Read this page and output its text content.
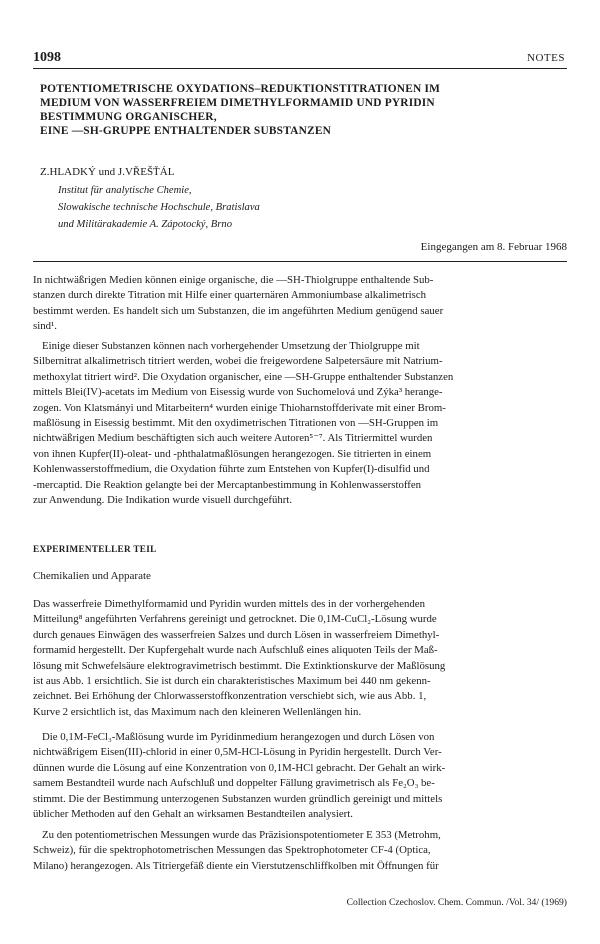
1098	NOTES
POTENTIOMETRISCHE OXYDATIONS–REDUKTIONSTITRATIONEN IM
MEDIUM VON WASSERFREIEM DIMETHYLFORMAMID UND PYRIDIN
BESTIMMUNG ORGANISCHER,
EINE —SH-GRUPPE ENTHALTENDER SUBSTANZEN
Z.HLADKÝ und J.VŘEŠŤÁL
Institut für analytische Chemie,
Slowakische technische Hochschule, Bratislava
und Militärakademie A. Zápotocký, Brno
Eingegangen am 8. Februar 1968
In nichtwäßrigen Medien können einige organische, die —SH-Thiolgruppe enthaltende Sub-
stanzen durch direkte Titration mit Hilfe einer quarternären Ammoniumbase alkalimetrisch
bestimmt werden. Es handelt sich um Substanzen, die im angeführten Medium genügend sauer
sind¹.
Einige dieser Substanzen können nach vorhergehender Umsetzung der Thiolgruppe mit
Silbernitrat alkalimetrisch titriert werden, wobei die freigewordene Salpetersäure mit Natrium-
methoxylat titriert wird². Die Oxydation organischer, eine —SH-Gruppe enthaltender Substanzen
mittels Blei(IV)-acetats im Medium von Eisessig wurde von Suchomelová und Zýka³ herange-
zogen. Von Klatsmányi und Mitarbeitern⁴ wurden einige Thioharnstoffderivate mit einer Brom-
maßlösung in Eisessig bestimmt. Mit den oxydimetrischen Titrationen von —SH-Gruppen im
nichtwäßrigen Medium beschäftigten sich auch weitere Autoren⁵⁻⁷. Als Titriermittel wurden
von ihnen Kupfer(II)-oleat- und -phthalatmaßlösungen herangezogen. Sie titrierten in einem
Kohlenwasserstoffmedium, die Oxydation führte zum Entstehen von Kupfer(I)-disulfid und
-mercaptid. Die Reaktion gelangte bei der Mercaptanbestimmung in Kohlenwasserstoffen
zur Anwendung. Die Indikation wurde visuell durchgeführt.
EXPERIMENTELLER TEIL
Chemikalien und Apparate
Das wasserfreie Dimethylformamid und Pyridin wurden mittels des in der vorhergehenden
Mitteilung⁸ angeführten Verfahrens gereinigt und getrocknet. Die 0,1M-CuCl₂-Lösung wurde
durch genaues Einwägen des wasserfreien Salzes und durch Lösen in wasserfreiem Dimethyl-
formamid hergestellt. Der Kupfergehalt wurde nach Aufschluß eines aliquoten Teils der Maß-
lösung mit Schwefelsäure elektrogravimetrisch bestimmt. Die Extinktionskurve der Maßlösung
ist aus Abb. 1 ersichtlich. Sie ist durch ein charakteristisches Maximum bei 440 nm gekenn-
zeichnet. Bei Erhöhung der Chlorwasserstoffkonzentration verschiebt sich, wie aus Abb. 1,
Kurve 2 ersichtlich ist, das Maximum nach den kleineren Wellenlängen hin.
Die 0,1M-FeCl₃-Maßlösung wurde im Pyridinmedium herangezogen und durch Lösen von
nichtwäßrigem Eisen(III)-chlorid in einer 0,5M-HCl-Lösung in Pyridin hergestellt. Durch Ver-
dünnen wurde die Lösung auf eine Konzentration von 0,1M-HCl gebracht. Der Gehalt an wirk-
samem Bestandteil wurde nach Aufschluß und doppelter Fällung gravimetrisch als Fe₂O₃ be-
stimmt. Die der Bestimmung unterzogenen Substanzen wurden gründlich gereinigt und mittels
üblicher Methoden auf den Gehalt an wirksamen Bestandteilen analysiert.
Zu den potentiometrischen Messungen wurde das Präzisionspotentiometer E 353 (Metrohm,
Schweiz), für die spektrophotometrischen Messungen das Spektrophotometer CF-4 (Optica,
Milano) herangezogen. Als Titriergefäß diente ein Vierstutzenschliffkolben mit Öffnungen für
Collection Czechoslov. Chem. Commun. /Vol. 34/ (1969)
